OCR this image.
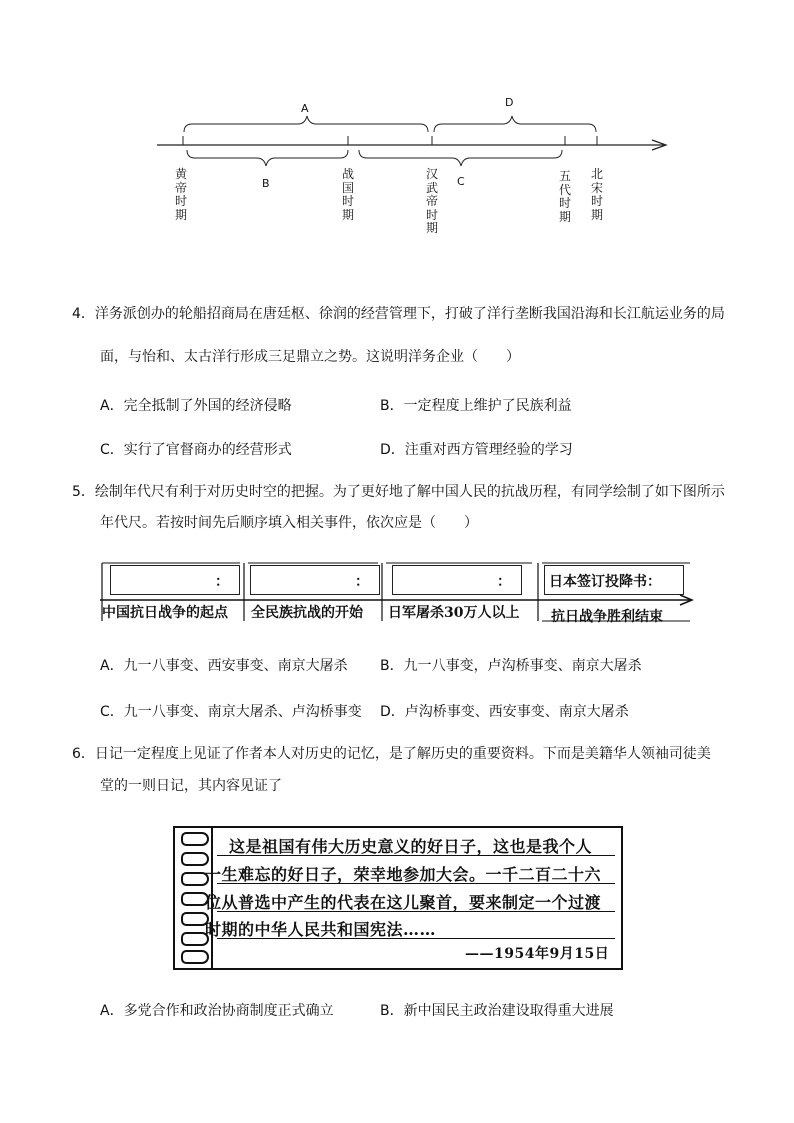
A	D
B	C
黄帝时期
战国时期
汉武帝时期
五代时期
北宋时期
4．洋务派创办的轮船招商局在唐廷枢、徐润的经营管理下，打破了洋行垄断我国沿海和长江航运业务的局
面，与怡和、太古洋行形成三足鼎立之势。这说明洋务企业（　　）
A．完全抵制了外国的经济侵略	B．一定程度上维护了民族利益
C．实行了官督商办的经营形式	D．注重对西方管理经验的学习
5．绘制年代尺有利于对历史时空的把握。为了更好地了解中国人民的抗战历程，有同学绘制了如下图所示
年代尺。若按时间先后顺序填入相关事件，依次应是（　　）
：	：	：	日本签订投降书：
中国抗日战争的起点 全民族抗战的开始 日军屠杀30万人以上 抗日战争胜利结束
A．九一八事变、西安事变、南京大屠杀 B．九一八事变，卢沟桥事变、南京大屠杀
C．九一八事变、南京大屠杀、卢沟桥事变 D．卢沟桥事变、西安事变、南京大屠杀
6．日记一定程度上见证了作者本人对历史的记忆，是了解历史的重要资料。下而是美籍华人领袖司徒美
堂的一则日记，其内容见证了
这是祖国有伟大历史意义的好日子，这也是我个人
一生难忘的好日子，荣幸地参加大会。一千二百二十六
位从普选中产生的代表在这儿聚首，要来制定一个过渡
时期的中华人民共和国宪法……
——1954年9月15日
A．多党合作和政治协商制度正式确立	B．新中国民主政治建设取得重大进展
